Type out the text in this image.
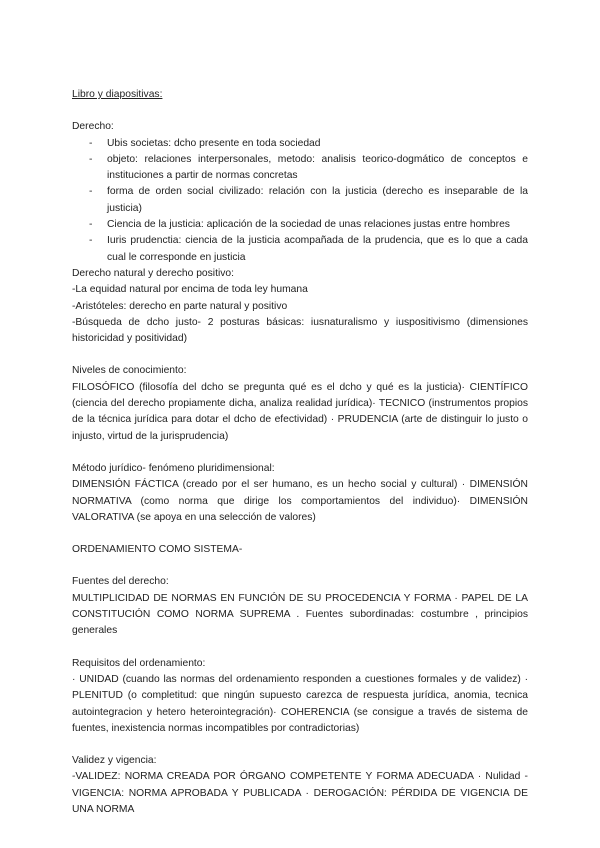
Libro y diapositivas:

Derecho:

- Ubis societas: dcho presente en toda sociedad
- objeto: relaciones interpersonales, metodo: analisis teorico-dogmático de conceptos e instituciones a partir de normas concretas
- forma de orden social civilizado: relación con la justicia (derecho es inseparable de la justicia)
- Ciencia de la justicia: aplicación de la sociedad de unas relaciones justas entre hombres
- Iuris prudenctia: ciencia de la justicia acompañada de la prudencia, que es lo que a cada cual le corresponde en justicia

Derecho natural y derecho positivo:

-La equidad natural por encima de toda ley humana

-Aristóteles: derecho en parte natural y positivo

-Búsqueda de dcho justo- 2 posturas básicas: iusnaturalismo y iuspositivismo (dimensiones historicidad y positividad)

Niveles de conocimiento:

FILOSÓFICO (filosofía del dcho se pregunta qué es el dcho y qué es la justicia)· CIENTÍFICO (ciencia del derecho propiamente dicha, analiza realidad jurídica)· TECNICO (instrumentos propios de la técnica jurídica para dotar el dcho de efectividad) · PRUDENCIA (arte de distinguir lo justo o injusto, virtud de la jurisprudencia)

Método jurídico- fenómeno pluridimensional:

DIMENSIÓN FÁCTICA (creado por el ser humano, es un hecho social y cultural) · DIMENSIÓN NORMATIVA (como norma que dirige los comportamientos del individuo)· DIMENSIÓN VALORATIVA (se apoya en una selección de valores)

ORDENAMIENTO COMO SISTEMA-

Fuentes del derecho:

MULTIPLICIDAD DE NORMAS EN FUNCIÓN DE SU PROCEDENCIA Y FORMA · PAPEL DE LA CONSTITUCIÓN COMO NORMA SUPREMA . Fuentes subordinadas: costumbre , principios generales

Requisitos del ordenamiento:

· UNIDAD (cuando las normas del ordenamiento responden a cuestiones formales y de validez) · PLENITUD (o completitud: que ningún supuesto carezca de respuesta jurídica, anomia, tecnica autointegracion y hetero heterointegración)· COHERENCIA (se consigue a través de sistema de fuentes, inexistencia normas incompatibles por contradictorias)

Validez y vigencia:

-VALIDEZ: NORMA CREADA POR ÓRGANO COMPETENTE Y FORMA ADECUADA · Nulidad -VIGENCIA: NORMA APROBADA Y PUBLICADA · DEROGACIÓN: PÉRDIDA DE VIGENCIA DE UNA NORMA
